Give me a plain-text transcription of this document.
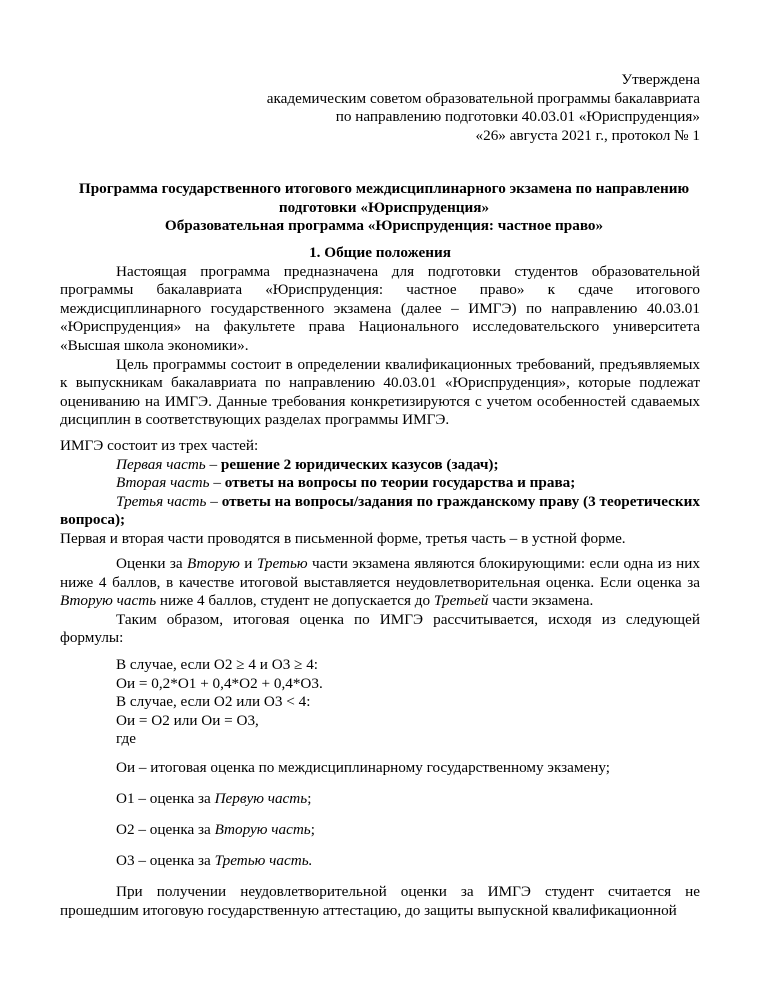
Утверждена
академическим советом образовательной программы бакалавриата
по направлению подготовки 40.03.01 «Юриспруденция»
«26» августа 2021 г., протокол № 1
Программа государственного итогового междисциплинарного экзамена по направлению
подготовки «Юриспруденция»
Образовательная программа «Юриспруденция: частное право»

1. Общие положения

Настоящая программа предназначена для подготовки студентов образовательной программы бакалавриата «Юриспруденция: частное право» к сдаче итогового междисциплинарного государственного экзамена (далее – ИМГЭ) по направлению 40.03.01 «Юриспруденция» на факультете права Национального исследовательского университета «Высшая школа экономики».

Цель программы состоит в определении квалификационных требований, предъявляемых к выпускникам бакалавриата по направлению 40.03.01 «Юриспруденция», которые подлежат оцениванию на ИМГЭ. Данные требования конкретизируются с учетом особенностей сдаваемых дисциплин в соответствующих разделах программы ИМГЭ.

ИМГЭ состоит из трех частей:

Первая часть – решение 2 юридических казусов (задач);

Вторая часть – ответы на вопросы по теории государства и права;

Третья часть – ответы на вопросы/задания по гражданскому праву (3 теоретических вопроса);

Первая и вторая части проводятся в письменной форме, третья часть – в устной форме.

Оценки за Вторую и Третью части экзамена являются блокирующими: если одна из них ниже 4 баллов, в качестве итоговой выставляется неудовлетворительная оценка. Если оценка за Вторую часть ниже 4 баллов, студент не допускается до Третьей части экзамена.

Таким образом, итоговая оценка по ИМГЭ рассчитывается, исходя из следующей формулы:

В случае, если О2 ≥ 4 и О3 ≥ 4:

Ои = 0,2*О1 + 0,4*О2 + 0,4*О3.

В случае, если О2 или О3 < 4:

Ои = О2 или Ои = О3,

где

Ои – итоговая оценка по междисциплинарному государственному экзамену;

О1 – оценка за Первую часть;

О2 – оценка за Вторую часть;

О3 – оценка за Третью часть.

При получении неудовлетворительной оценки за ИМГЭ студент считается не прошедшим итоговую государственную аттестацию, до защиты выпускной квалификационной
